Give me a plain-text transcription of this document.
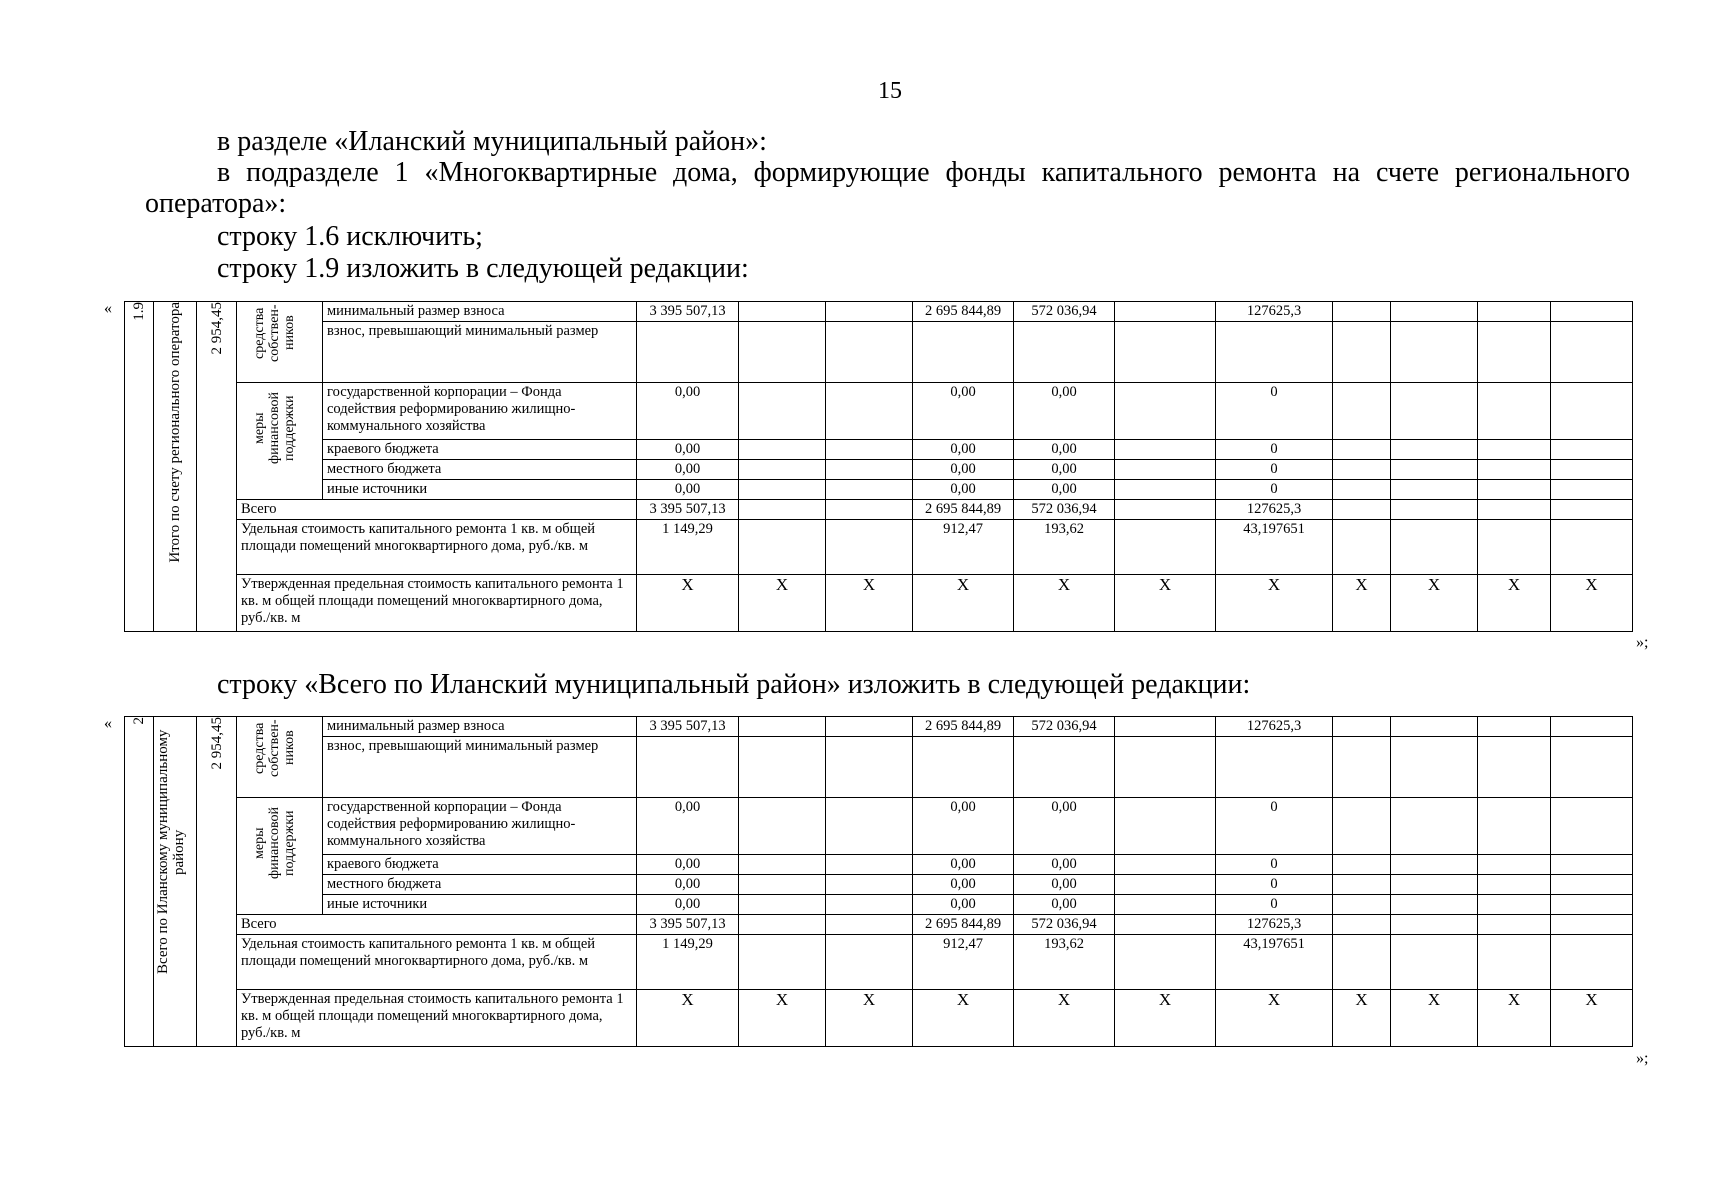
15
в разделе «Иланский муниципальный район»:
в подразделе 1 «Многоквартирные дома, формирующие фонды капитального ремонта на счете регионального оператора»:
строку 1.6 исключить;
строку 1.9 изложить в следующей редакции:
« 1.9	Итого по счету регионального оператора	2 954,45	средства собствен-ников	минимальный размер взноса	3 395 507,13			2 695 844,89	572 036,94		127625,3				
				взнос, превышающий минимальный размер											

			меры финансовой поддержки	государственной корпорации – Фонда содействия реформированию жилищно-коммунального хозяйства	0,00			0,00	0,00		0				
				краевого бюджета	0,00			0,00	0,00		0				
				местного бюджета	0,00			0,00	0,00		0				
				иные источники	0,00			0,00	0,00		0				
			Всего		3 395 507,13			2 695 844,89	572 036,94		127625,3				
			Удельная стоимость капитального ремонта 1 кв. м общей площади помещений многоквартирного дома, руб./кв. м		1 149,29			912,47	193,62		43,197651				
			Утвержденная предельная стоимость капитального ремонта 1 кв. м общей площади помещений многоквартирного дома, руб./кв. м		X	X	X	X	X	X	X	X	X	X	X
»;
строку «Всего по Иланский муниципальный район» изложить в следующей редакции:
« 2	Всего по Иланскому муниципальному району	2 954,45	средства собствен-ников	минимальный размер взноса	3 395 507,13			2 695 844,89	572 036,94		127625,3				
				взнос, превышающий минимальный размер											

			меры финансовой поддержки	государственной корпорации – Фонда содействия реформированию жилищно-коммунального хозяйства	0,00			0,00	0,00		0				
				краевого бюджета	0,00			0,00	0,00		0				
				местного бюджета	0,00			0,00	0,00		0				
				иные источники	0,00			0,00	0,00		0				
			Всего		3 395 507,13			2 695 844,89	572 036,94		127625,3				
			Удельная стоимость капитального ремонта 1 кв. м общей площади помещений многоквартирного дома, руб./кв. м		1 149,29			912,47	193,62		43,197651				
			Утвержденная предельная стоимость капитального ремонта 1 кв. м общей площади помещений многоквартирного дома, руб./кв. м		X	X	X	X	X	X	X	X	X	X	X
»;
